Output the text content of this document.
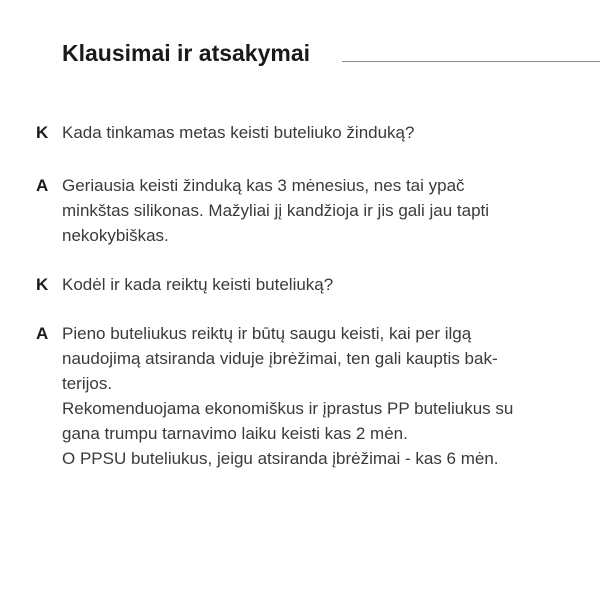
Klausimai ir atsakymai
K Kada tinkamas metas keisti buteliuko žinduką?
A Geriausia keisti žinduką kas 3 mėnesius, nes tai ypač
minkštas silikonas. Mažyliai jį kandžioja ir jis gali jau tapti
nekokybiškas.
K Kodėl ir kada reiktų keisti buteliuką?
A Pieno buteliukus reiktų ir būtų saugu keisti, kai per ilgą
naudojimą atsiranda viduje įbrėžimai, ten gali kauptis bak-
terijos.
Rekomenduojama ekonomiškus ir įprastus PP buteliukus su
gana trumpu tarnavimo laiku keisti kas 2 mėn.
O PPSU buteliukus, jeigu atsiranda įbrėžimai - kas 6 mėn.
